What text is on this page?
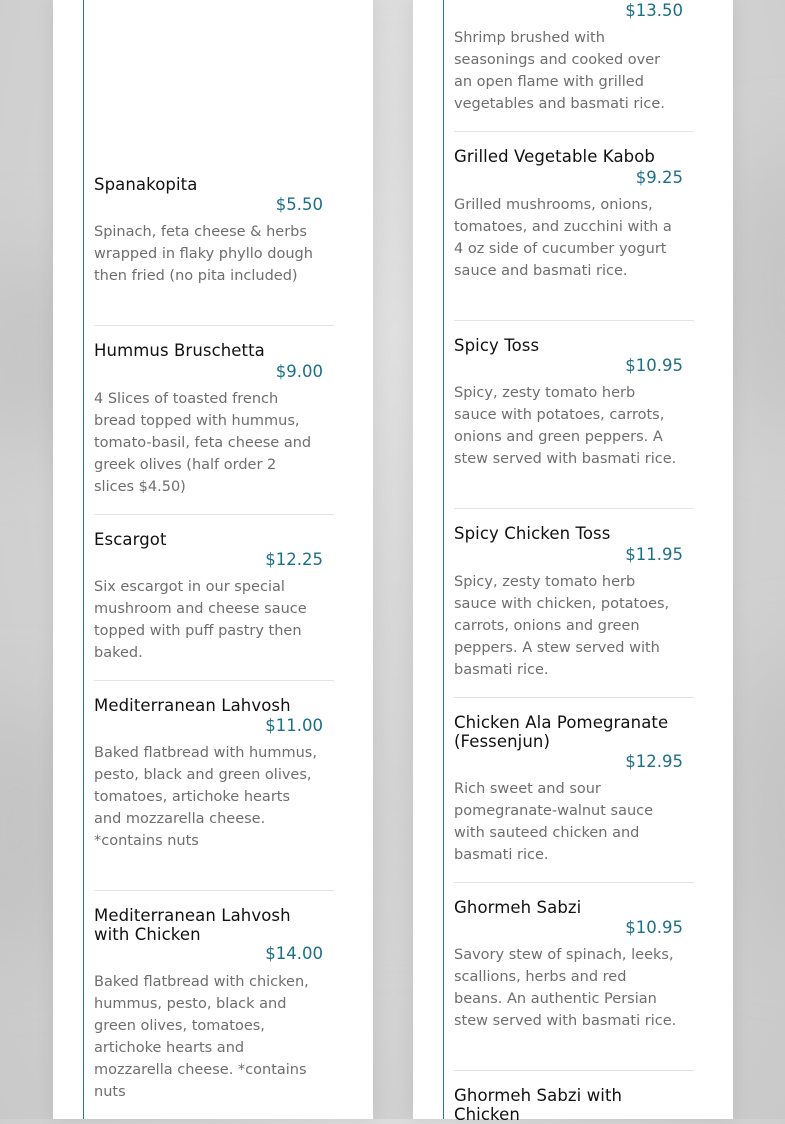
Spanakopita
$5.50
Spinach, feta cheese & herbs wrapped in flaky phyllo dough then fried (no pita included)
Hummus Bruschetta
$9.00
4 Slices of toasted french bread topped with hummus, tomato-basil, feta cheese and greek olives (half order 2 slices $4.50)
Escargot
$12.25
Six escargot in our special mushroom and cheese sauce topped with puff pastry then baked.
Mediterranean Lahvosh
$11.00
Baked flatbread with hummus, pesto, black and green olives, tomatoes, artichoke hearts and mozzarella cheese. *contains nuts
Mediterranean Lahvosh with Chicken
$14.00
Baked flatbread with chicken, hummus, pesto, black and green olives, tomatoes, artichoke hearts and mozzarella cheese. *contains nuts
$13.50
Shrimp brushed with seasonings and cooked over an open flame with grilled vegetables and basmati rice.
Grilled Vegetable Kabob
$9.25
Grilled mushrooms, onions, tomatoes, and zucchini with a 4 oz side of cucumber yogurt sauce and basmati rice.
Spicy Toss
$10.95
Spicy, zesty tomato herb sauce with potatoes, carrots, onions and green peppers. A stew served with basmati rice.
Spicy Chicken Toss
$11.95
Spicy, zesty tomato herb sauce with chicken, potatoes, carrots, onions and green peppers. A stew served with basmati rice.
Chicken Ala Pomegranate (Fessenjun)
$12.95
Rich sweet and sour pomegranate-walnut sauce with sauteed chicken and basmati rice.
Ghormeh Sabzi
$10.95
Savory stew of spinach, leeks, scallions, herbs and red beans. An authentic Persian stew served with basmati rice.
Ghormeh Sabzi with Chicken
